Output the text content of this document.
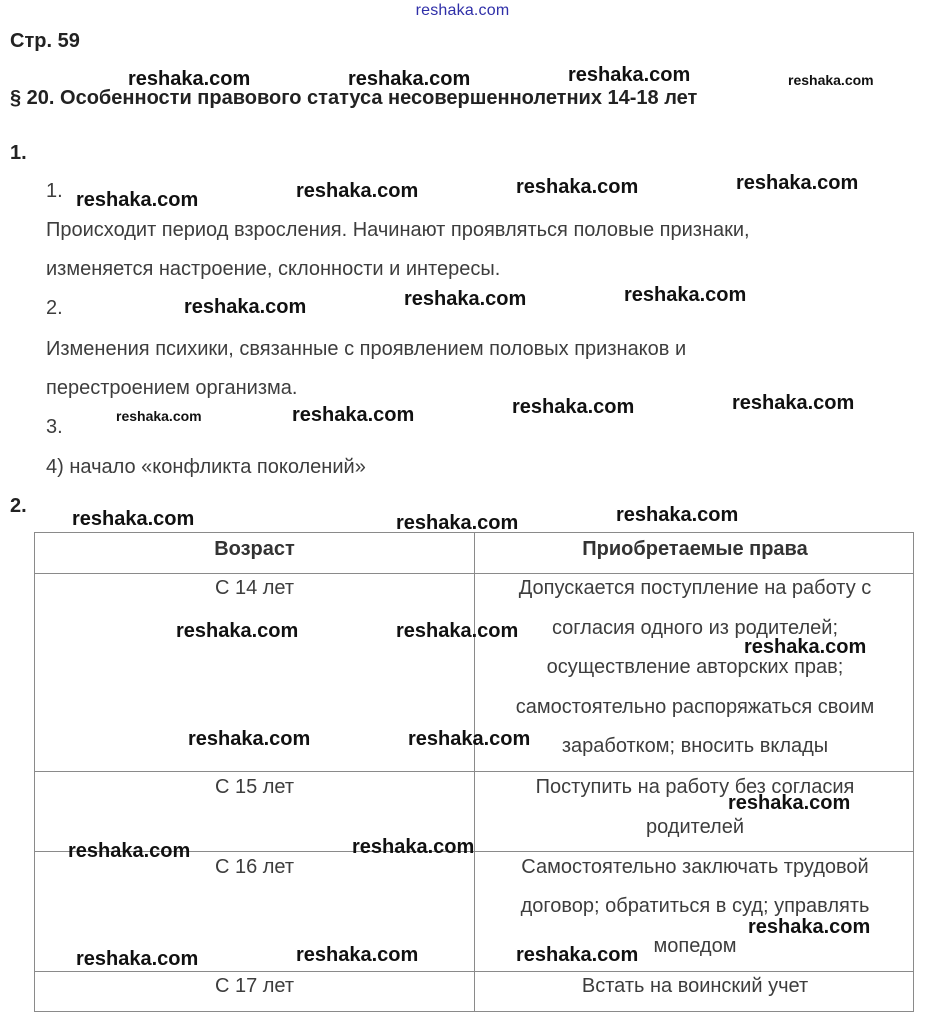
reshaka.com
Стр. 59
§ 20. Особенности правового статуса несовершеннолетних 14-18 лет
1.
1.
Происходит период взросления. Начинают проявляться половые признаки,
изменяется настроение, склонности и интересы.
2.
Изменения психики, связанные с проявлением половых признаков и
перестроением организма.
3.
4) начало «конфликта поколений»
2.
Возраст	Приобретаемые права
С 14 лет	Допускается поступление на работу с
согласия одного из родителей;
осуществление авторских прав;
самостоятельно распоряжаться своим
заработком; вносить вклады
С 15 лет	Поступить на работу без согласия
родителей
С 16 лет	Самостоятельно заключать трудовой
договор; обратиться в суд; управлять
мопедом
С 17 лет	Встать на воинский учет
reshaka.com	reshaka.com	reshaka.com	reshaka.com
reshaka.com	reshaka.com	reshaka.com	reshaka.com
reshaka.com	reshaka.com	reshaka.com
reshaka.com	reshaka.com	reshaka.com	reshaka.com
reshaka.com	reshaka.com	reshaka.com
reshaka.com	reshaka.com
reshaka.com
reshaka.com	reshaka.com
reshaka.com
reshaka.com	reshaka.com
reshaka.com
reshaka.com	reshaka.com	reshaka.com
